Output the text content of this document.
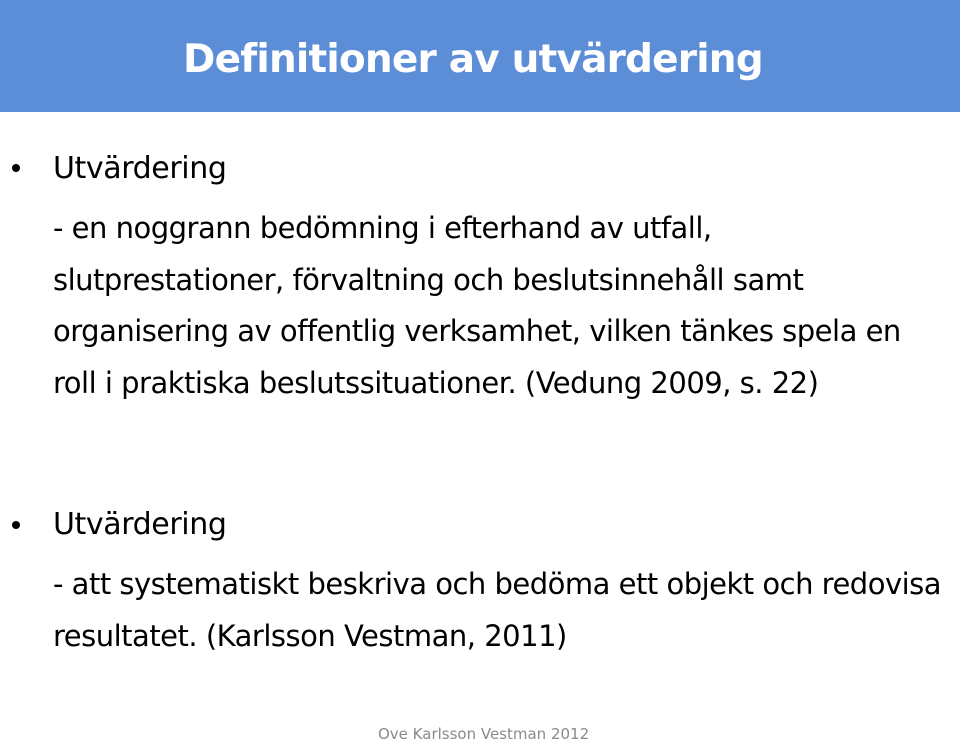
Definitioner av utvärdering
Utvärdering

- en noggrann bedömning i efterhand av utfall, slutprestationer, förvaltning och beslutsinnehåll samt organisering av offentlig verksamhet, vilken tänkes spela en roll i praktiska beslutssituationer. (Vedung 2009, s. 22)

Utvärdering

- att systematiskt beskriva och bedöma ett objekt och redovisa resultatet. (Karlsson Vestman, 2011)

Ove Karlsson Vestman 2012
